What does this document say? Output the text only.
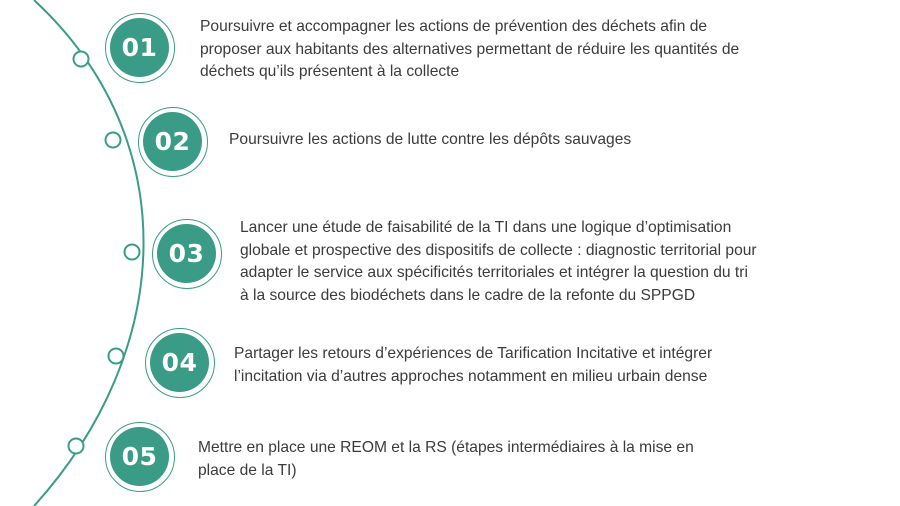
01

Poursuivre et accompagner les actions de prévention des déchets afin de proposer aux habitants des alternatives permettant de réduire les quantités de déchets qu’ils présentent à la collecte

02	Poursuivre les actions de lutte contre les dépôts sauvages

03

Lancer une étude de faisabilité de la TI dans une logique d’optimisation globale et prospective des dispositifs de collecte : diagnostic territorial pour adapter le service aux spécificités territoriales et intégrer la question du tri à la source des biodéchets dans le cadre de la refonte du SPPGD

04	Partager les retours d’expériences de Tarification Incitative et intégrer l’incitation via d’autres approches notamment en milieu urbain dense

05	Mettre en place une REOM et la RS (étapes intermédiaires à la mise en place de la TI)
